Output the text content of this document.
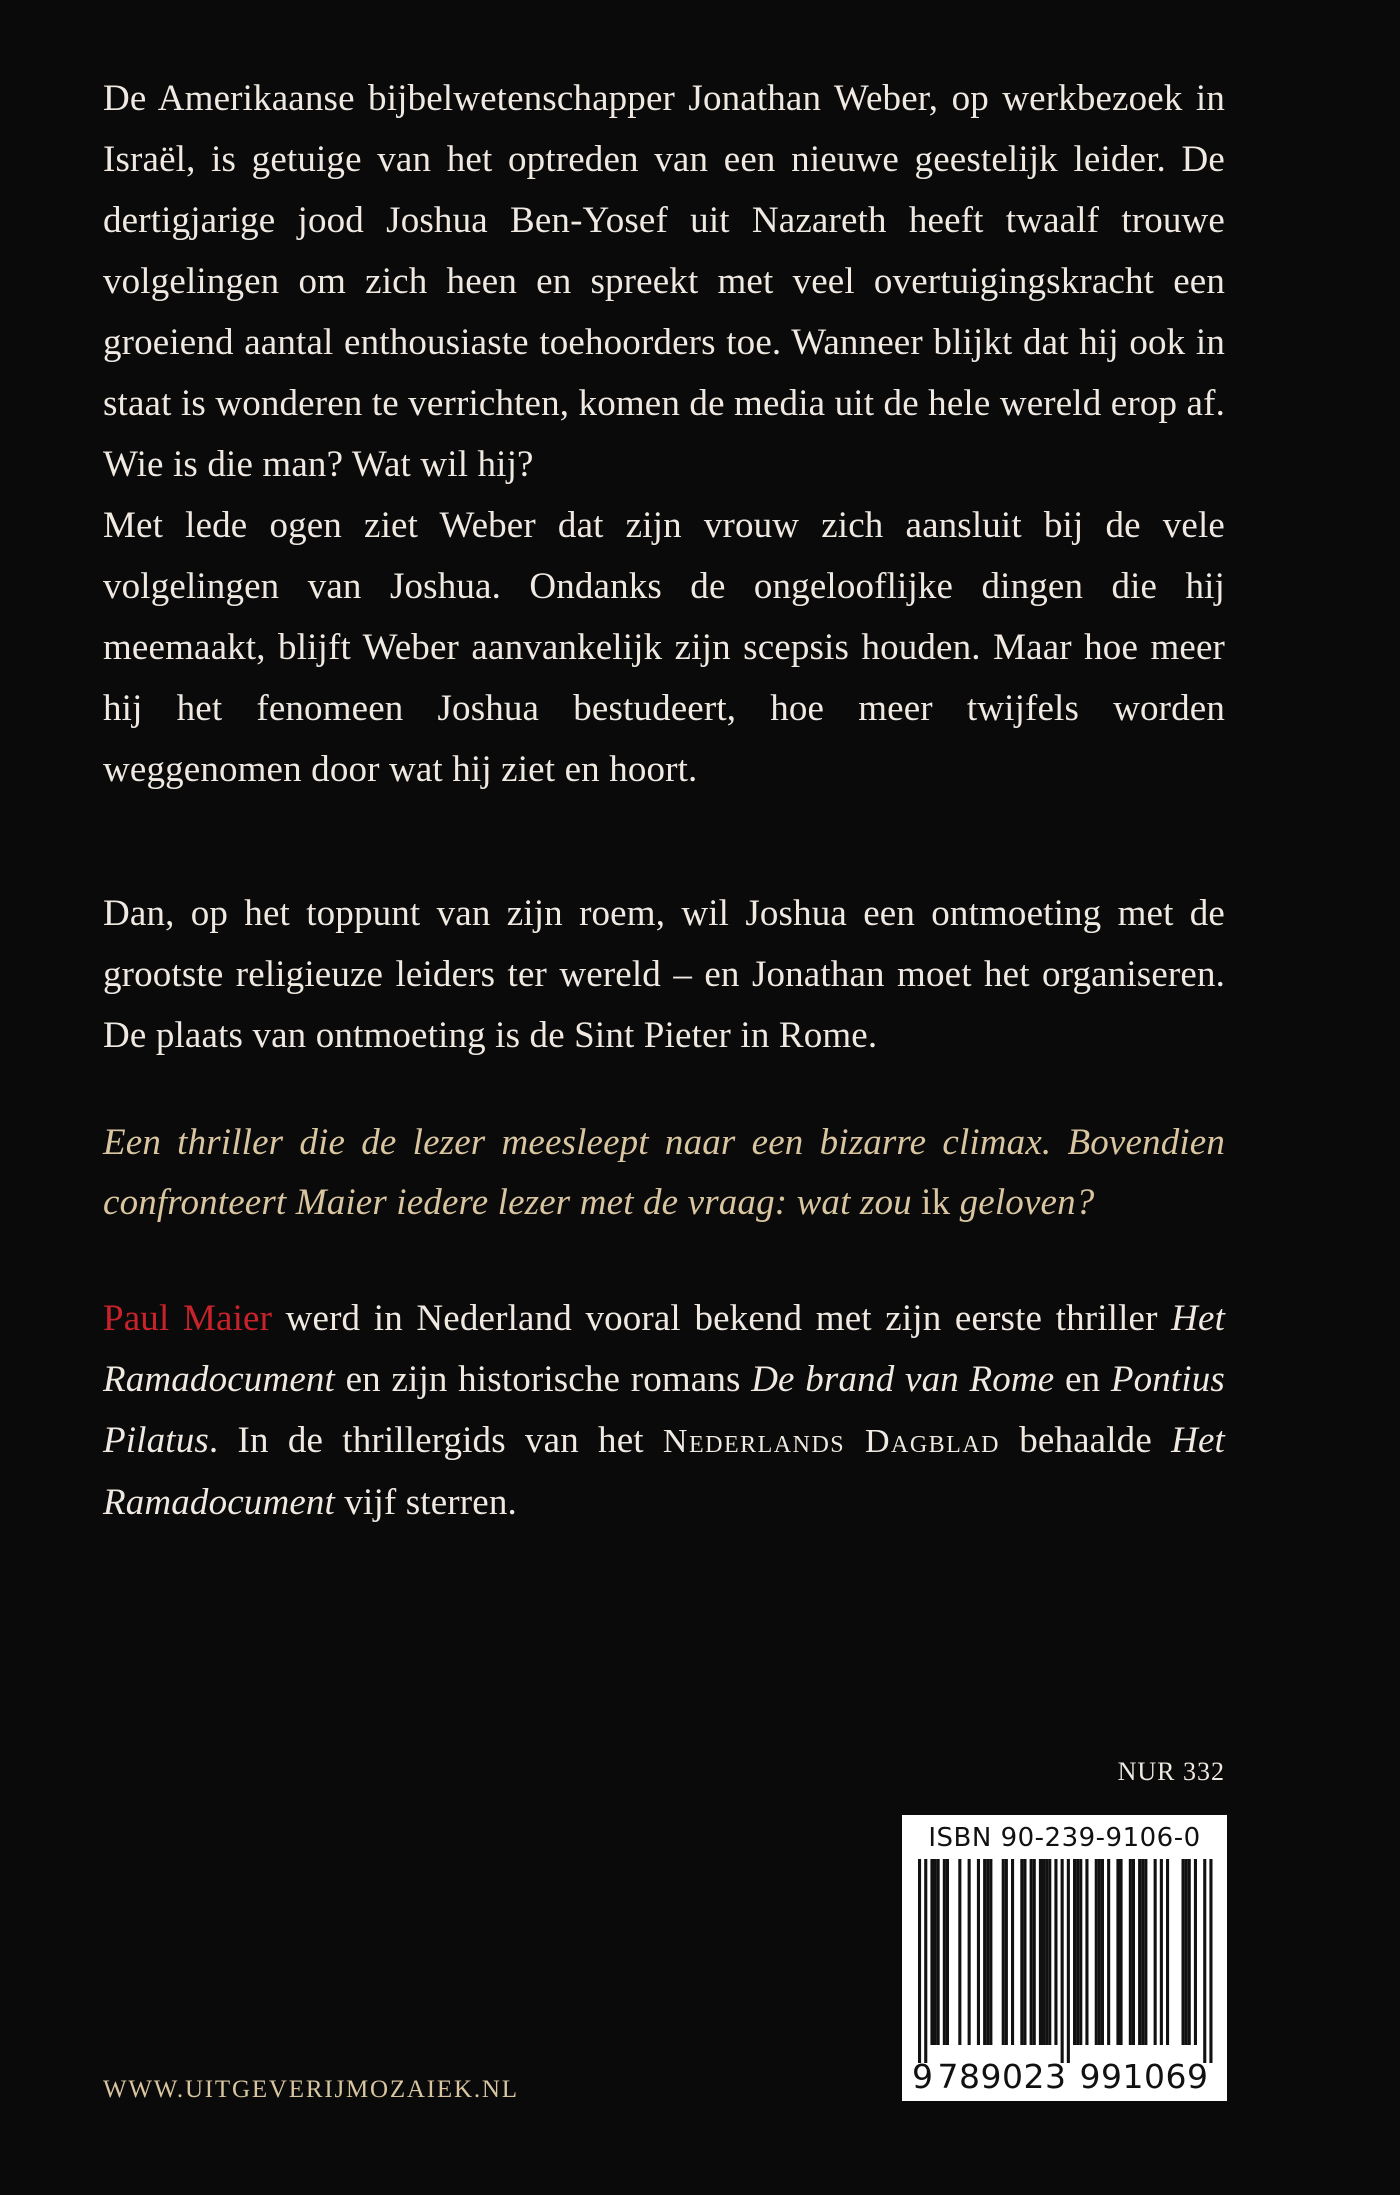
De Amerikaanse bijbelwetenschapper Jonathan Weber, op werkbezoek in Israël, is getuige van het optreden van een nieuwe geestelijk leider. De dertigjarige jood Joshua Ben-Yosef uit Nazareth heeft twaalf trouwe volgelingen om zich heen en spreekt met veel overtuigingskracht een groeiend aantal enthousiaste toehoorders toe. Wanneer blijkt dat hij ook in staat is wonderen te verrichten, komen de media uit de hele wereld erop af. Wie is die man? Wat wil hij?

Met lede ogen ziet Weber dat zijn vrouw zich aansluit bij de vele volgelingen van Joshua. Ondanks de ongelooflijke dingen die hij meemaakt, blijft Weber aanvankelijk zijn scepsis houden. Maar hoe meer hij het fenomeen Joshua bestudeert, hoe meer twijfels worden weggenomen door wat hij ziet en hoort.

Dan, op het toppunt van zijn roem, wil Joshua een ontmoeting met de grootste religieuze leiders ter wereld – en Jonathan moet het organiseren. De plaats van ontmoeting is de Sint Pieter in Rome.

Een thriller die de lezer meesleept naar een bizarre climax. Bovendien confronteert Maier iedere lezer met de vraag: wat zou ik geloven?

Paul Maier werd in Nederland vooral bekend met zijn eerste thriller Het Ramadocument en zijn historische romans De brand van Rome en Pontius Pilatus. In de thrillergids van het Nederlands Dagblad behaalde Het Ramadocument vijf sterren.

NUR 332
ISBN 90-239-9106-0
9 789023 991069
WWW.UITGEVERIJMOZAIEK.NL
